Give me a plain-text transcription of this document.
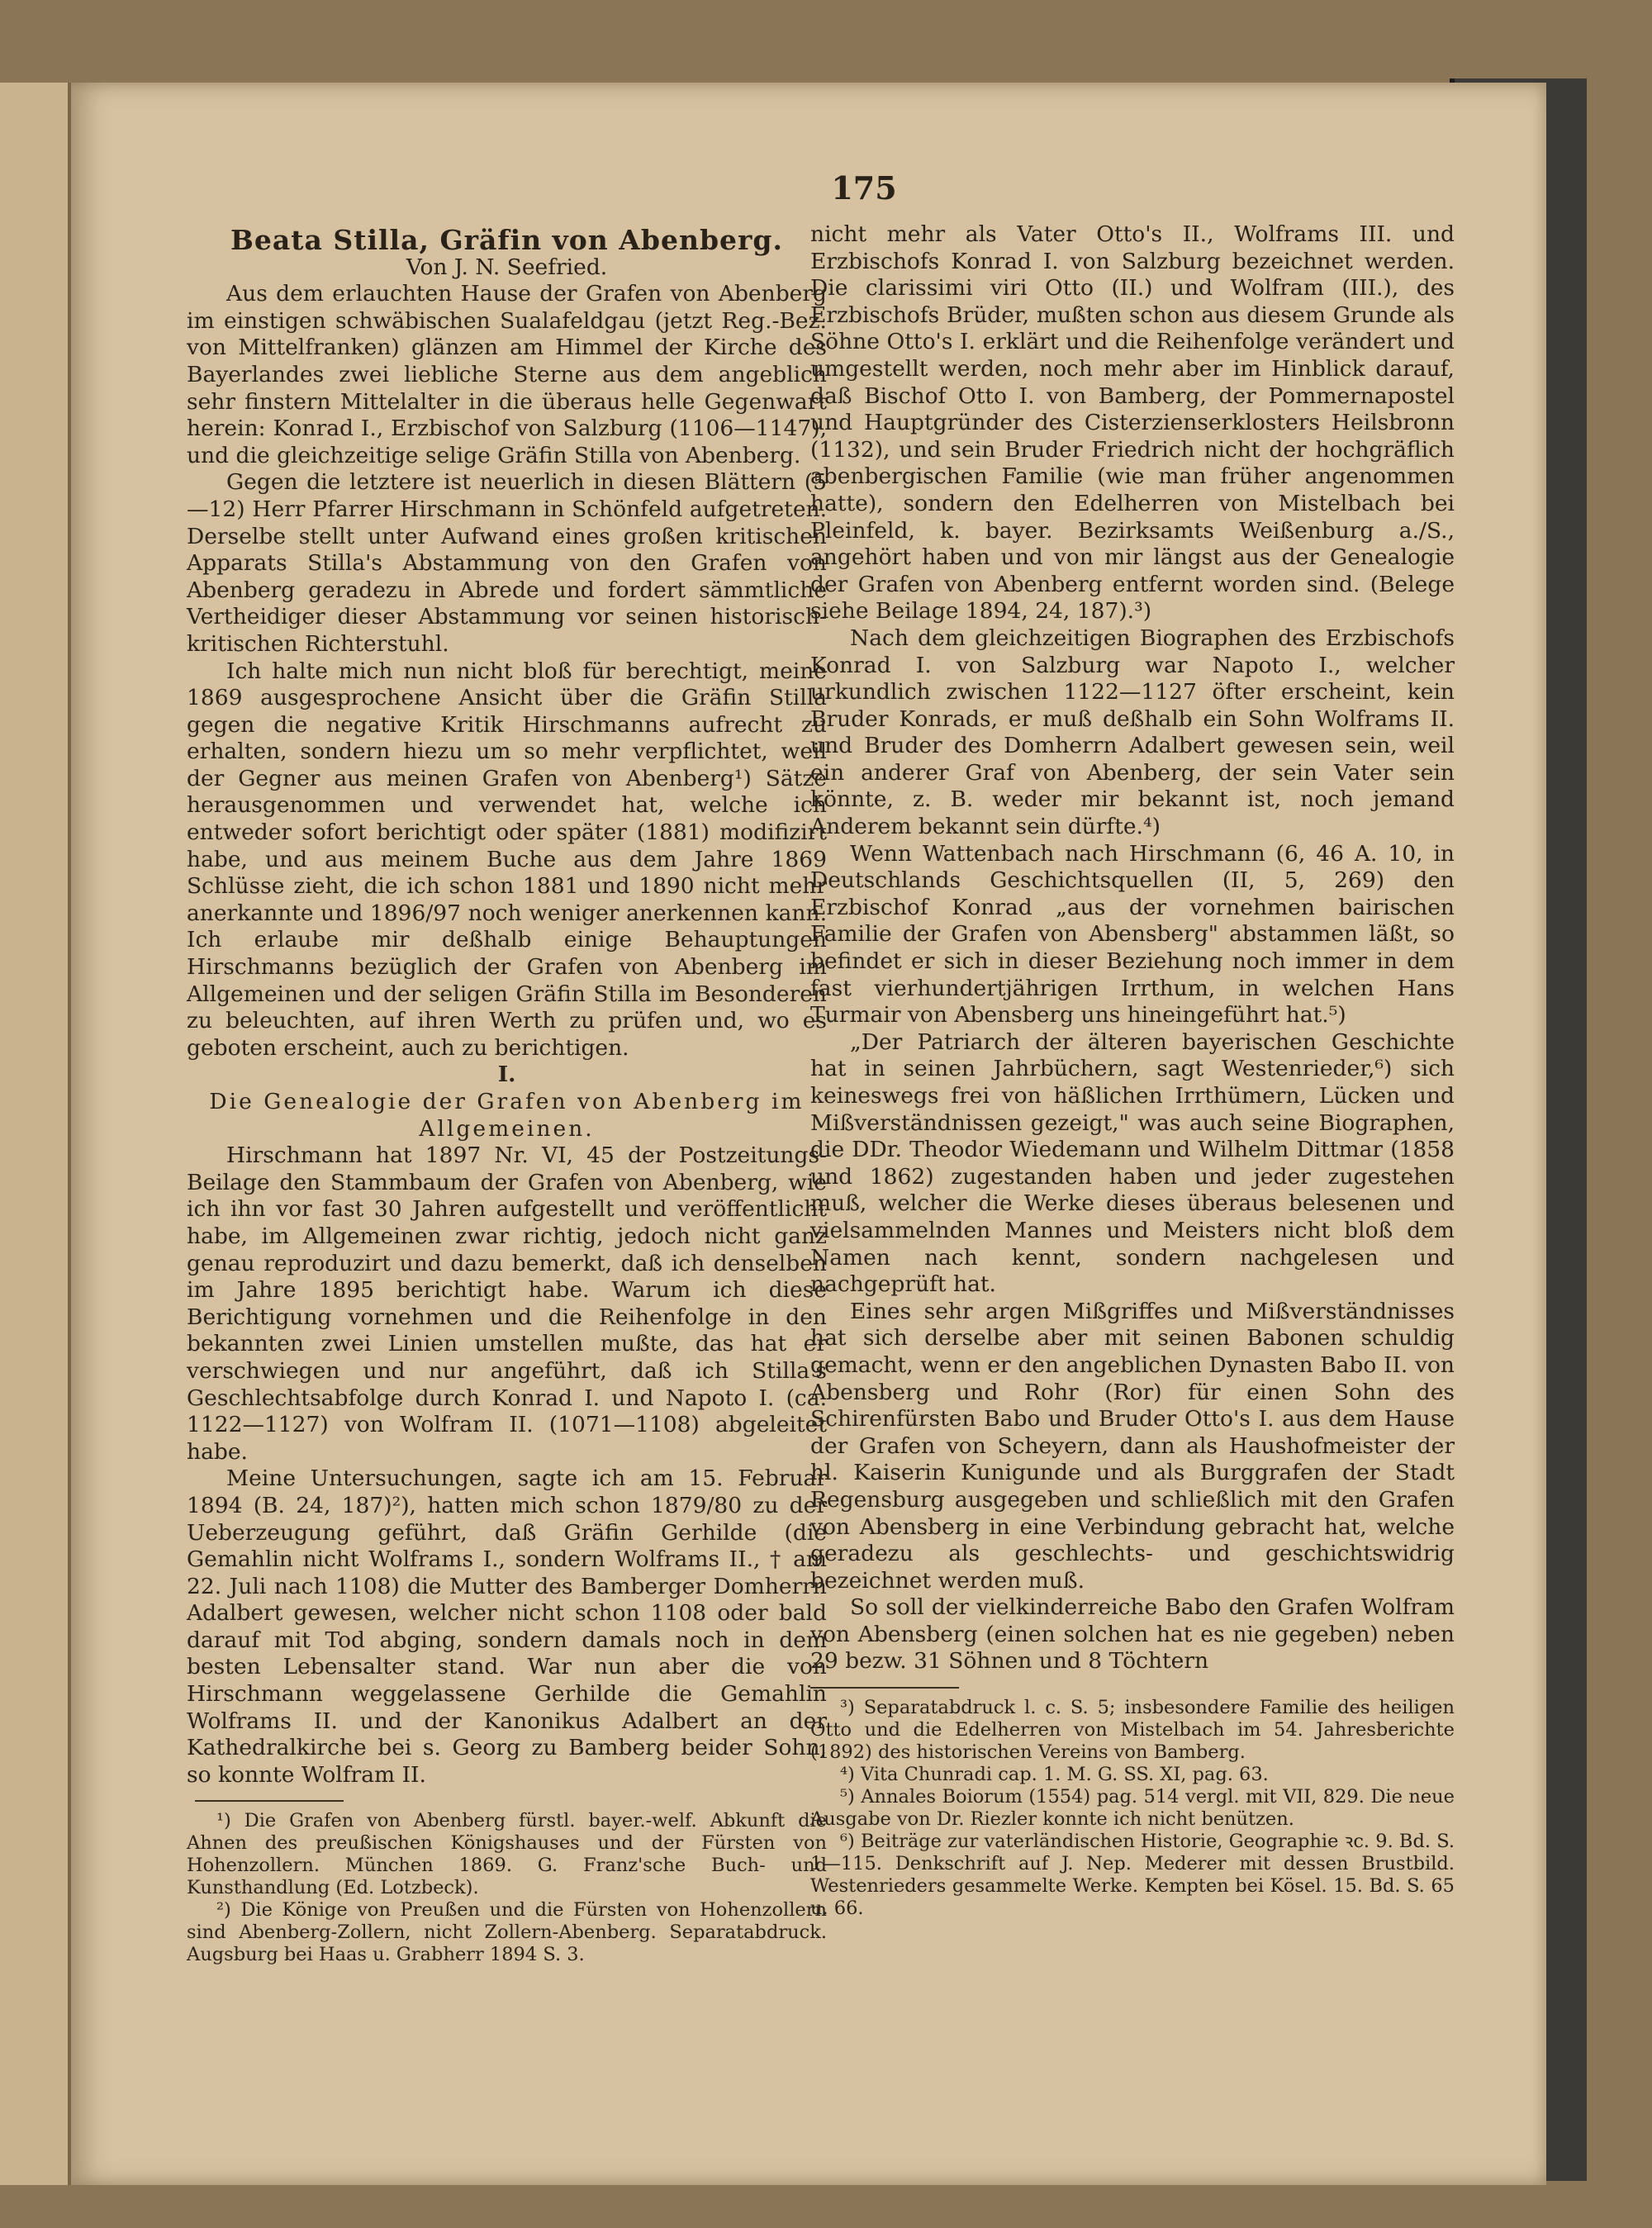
175

Beata Stilla, Gräfin von Abenberg.

Von J. N. Seefried.

Aus dem erlauchten Hause der Grafen von Abenberg im einstigen schwäbischen Sualafeldgau (jetzt Reg.-Bez. von Mittelfranken) glänzen am Himmel der Kirche des Bayerlandes zwei liebliche Sterne aus dem angeblich sehr finstern Mittelalter in die überaus helle Gegenwart herein: Konrad I., Erzbischof von Salzburg (1106—1147), und die gleichzeitige selige Gräfin Stilla von Abenberg.

Gegen die letztere ist neuerlich in diesen Blättern (5—12) Herr Pfarrer Hirschmann in Schönfeld aufgetreten. Derselbe stellt unter Aufwand eines großen kritischen Apparats Stilla's Abstammung von den Grafen von Abenberg geradezu in Abrede und fordert sämmtliche Vertheidiger dieser Abstammung vor seinen historisch-kritischen Richterstuhl.

Ich halte mich nun nicht bloß für berechtigt, meine 1869 ausgesprochene Ansicht über die Gräfin Stilla gegen die negative Kritik Hirschmanns aufrecht zu erhalten, sondern hiezu um so mehr verpflichtet, weil der Gegner aus meinen Grafen von Abenberg¹) Sätze herausgenommen und verwendet hat, welche ich entweder sofort berichtigt oder später (1881) modifizirt habe, und aus meinem Buche aus dem Jahre 1869 Schlüsse zieht, die ich schon 1881 und 1890 nicht mehr anerkannte und 1896/97 noch weniger anerkennen kann. Ich erlaube mir deßhalb einige Behauptungen Hirschmanns bezüglich der Grafen von Abenberg im Allgemeinen und der seligen Gräfin Stilla im Besonderen zu beleuchten, auf ihren Werth zu prüfen und, wo es geboten erscheint, auch zu berichtigen.

I.

Die Genealogie der Grafen von Abenberg im Allgemeinen.

Hirschmann hat 1897 Nr. VI, 45 der Postzeitungs-Beilage den Stammbaum der Grafen von Abenberg, wie ich ihn vor fast 30 Jahren aufgestellt und veröffentlicht habe, im Allgemeinen zwar richtig, jedoch nicht ganz genau reproduzirt und dazu bemerkt, daß ich denselben im Jahre 1895 berichtigt habe. Warum ich diese Berichtigung vornehmen und die Reihenfolge in den bekannten zwei Linien umstellen mußte, das hat er verschwiegen und nur angeführt, daß ich Stilla's Geschlechtsabfolge durch Konrad I. und Napoto I. (ca. 1122—1127) von Wolfram II. (1071—1108) abgeleitet habe.

Meine Untersuchungen, sagte ich am 15. Februar 1894 (B. 24, 187)²), hatten mich schon 1879/80 zu der Ueberzeugung geführt, daß Gräfin Gerhilde (die Gemahlin nicht Wolframs I., sondern Wolframs II., † am 22. Juli nach 1108) die Mutter des Bamberger Domherrn Adalbert gewesen, welcher nicht schon 1108 oder bald darauf mit Tod abging, sondern damals noch in dem besten Lebensalter stand. War nun aber die von Hirschmann weggelassene Gerhilde die Gemahlin Wolframs II. und der Kanonikus Adalbert an der Kathedralkirche bei s. Georg zu Bamberg beider Sohn, so konnte Wolfram II.

¹) Die Grafen von Abenberg fürstl. bayer.-welf. Abkunft die Ahnen des preußischen Königshauses und der Fürsten von Hohenzollern. München 1869. G. Franz'sche Buch- und Kunsthandlung (Ed. Lotzbeck).

²) Die Könige von Preußen und die Fürsten von Hohenzollern sind Abenberg-Zollern, nicht Zollern-Abenberg. Separatabdruck. Augsburg bei Haas u. Grabherr 1894 S. 3.

nicht mehr als Vater Otto's II., Wolframs III. und Erzbischofs Konrad I. von Salzburg bezeichnet werden. Die clarissimi viri Otto (II.) und Wolfram (III.), des Erzbischofs Brüder, mußten schon aus diesem Grunde als Söhne Otto's I. erklärt und die Reihenfolge verändert und umgestellt werden, noch mehr aber im Hinblick darauf, daß Bischof Otto I. von Bamberg, der Pommernapostel und Hauptgründer des Cisterzienserklosters Heilsbronn (1132), und sein Bruder Friedrich nicht der hochgräflich abenbergischen Familie (wie man früher angenommen hatte), sondern den Edelherren von Mistelbach bei Pleinfeld, k. bayer. Bezirksamts Weißenburg a./S., angehört haben und von mir längst aus der Genealogie der Grafen von Abenberg entfernt worden sind. (Belege siehe Beilage 1894, 24, 187).³)

Nach dem gleichzeitigen Biographen des Erzbischofs Konrad I. von Salzburg war Napoto I., welcher urkundlich zwischen 1122—1127 öfter erscheint, kein Bruder Konrads, er muß deßhalb ein Sohn Wolframs II. und Bruder des Domherrn Adalbert gewesen sein, weil ein anderer Graf von Abenberg, der sein Vater sein könnte, z. B. weder mir bekannt ist, noch jemand Anderem bekannt sein dürfte.⁴)

Wenn Wattenbach nach Hirschmann (6, 46 A. 10, in Deutschlands Geschichtsquellen (II, 5, 269) den Erzbischof Konrad „aus der vornehmen bairischen Familie der Grafen von Abensberg" abstammen läßt, so befindet er sich in dieser Beziehung noch immer in dem fast vierhundertjährigen Irrthum, in welchen Hans Turmair von Abensberg uns hineingeführt hat.⁵)

„Der Patriarch der älteren bayerischen Geschichte hat in seinen Jahrbüchern, sagt Westenrieder,⁶) sich keineswegs frei von häßlichen Irrthümern, Lücken und Mißverständnissen gezeigt," was auch seine Biographen, die DDr. Theodor Wiedemann und Wilhelm Dittmar (1858 und 1862) zugestanden haben und jeder zugestehen muß, welcher die Werke dieses überaus belesenen und vielsammelnden Mannes und Meisters nicht bloß dem Namen nach kennt, sondern nachgelesen und nachgeprüft hat.

Eines sehr argen Mißgriffes und Mißverständnisses hat sich derselbe aber mit seinen Babonen schuldig gemacht, wenn er den angeblichen Dynasten Babo II. von Abensberg und Rohr (Ror) für einen Sohn des Schirenfürsten Babo und Bruder Otto's I. aus dem Hause der Grafen von Scheyern, dann als Haushofmeister der hl. Kaiserin Kunigunde und als Burggrafen der Stadt Regensburg ausgegeben und schließlich mit den Grafen von Abensberg in eine Verbindung gebracht hat, welche geradezu als geschlechts- und geschichtswidrig bezeichnet werden muß.

So soll der vielkinderreiche Babo den Grafen Wolfram von Abensberg (einen solchen hat es nie gegeben) neben 29 bezw. 31 Söhnen und 8 Töchtern

³) Separatabdruck l. c. S. 5; insbesondere Familie des heiligen Otto und die Edelherren von Mistelbach im 54. Jahresberichte (1892) des historischen Vereins von Bamberg.

⁴) Vita Chunradi cap. 1. M. G. SS. XI, pag. 63.

⁵) Annales Boiorum (1554) pag. 514 vergl. mit VII, 829. Die neue Ausgabe von Dr. Riezler konnte ich nicht benützen.

⁶) Beiträge zur vaterländischen Historie, Geographie ꝛc. 9. Bd. S. 1—115. Denkschrift auf J. Nep. Mederer mit dessen Brustbild. Westenrieders gesammelte Werke. Kempten bei Kösel. 15. Bd. S. 65 u. 66.
